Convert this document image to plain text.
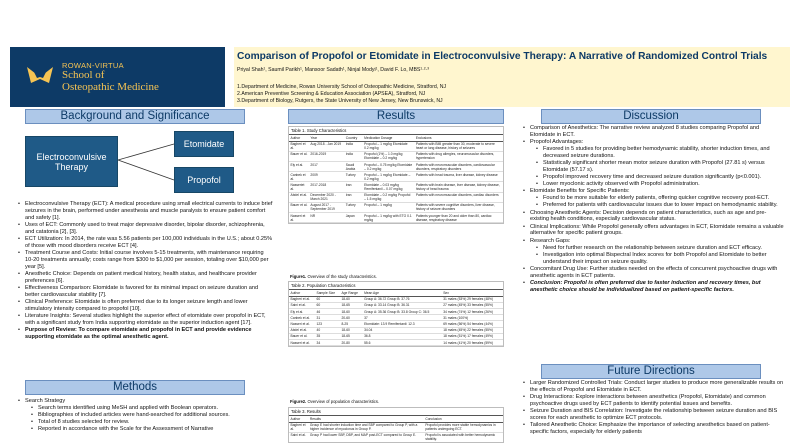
ROWAN-VIRTUA
School of
Osteopathic Medicine
Comparison of Propofol or Etomidate in Electroconvulsive Therapy: A Narrative of Randomized Control Trials
Priyal Shah¹, Saumil Parikh¹, Mansoor Sadath¹, Ninjal Modyi¹, David F. Lo, MBS¹·²·³
1.Department of Medicine, Rowan University School of Osteopathic Medicine, Stratford, NJ
2.American Preventive Screening & Education Association (APSEA), Stratford, NJ
3.Department of Biology, Rutgers, the State University of New Jersey, New Brunswick, NJ
Background and Significance
Electroconvulsive Therapy
Etomidate
Propofol
• Electroconvulsive Therapy (ECT): A medical procedure using small electrical currents to induce brief seizures in the brain, performed under anesthesia and muscle paralysis to ensure patient comfort and safety [1].
• Uses of ECT: Commonly used to treat major depressive disorder, bipolar disorder, schizophrenia, and catatonia [2], [3].
• ECT Utilization: In 2014, the rate was 5.56 patients per 100,000 individuals in the U.S.; about 0.25% of those with mood disorders receive ECT [4].
• Treatment Course and Costs: Initial course involves 5-15 treatments, with maintenance requiring 10-20 treatments annually; costs range from $300 to $1,000 per session, totaling over $10,000 per year [5].
• Anesthetic Choice: Depends on patient medical history, health status, and healthcare provider preferences [6].
• Effectiveness Comparison: Etomidate is favored for its minimal impact on seizure duration and better cardiovascular stability [7].
• Clinical Preference: Etomidate is often preferred due to its longer seizure length and lower stimulatory intensity compared to propofol [10].
• Literature Insights: Several studies highlight the superior effect of etomidate over propofol in ECT, with a significant study from India supporting etomidate as the superior induction agent [17].
• Purpose of Review: To compare etomidate and propofol in ECT and provide evidence supporting etomidate as the optimal anesthetic agent.
Methods
• Search Strategy
• Search terms identified using MeSH and applied with Boolean operators.
• Bibliographies of included articles were hand-searched for additional sources.
• Total of 8 studies selected for review.
• Reported in accordance with the Scale for the Assessment of Narrative
Results
Table 1. Study Characteristics
Author	Year	Country	Medication Dosage	Exclusions
Bagheri et al.	Aug 2018 - Jan 2019	India	Propofol – 1 mg/kg Etomidate 0.2 mg/kg	Patients with BMI greater than 30, moderate to severe heart or lung disease, history of seizures
Bauer et al.	2016-2019	India	Propofol (1%) – 1.0 mg/kg Etomidate – 0.2 mg/kg	Patients with drug allergies, neuromuscular disorders, hypertension
Ely et al.	2017	Saudi Arabia	Propofol – 0.75 mg/kg Etomidate – 0.2 mg/kg	Patients with neuromuscular disorders, cardiovascular disorders, respiratory disorders
Canbek et al.	2009	Turkey	Propofol – 1 mg/kg Etomidate – 0.2 mg/kg	Patients with head trauma, liver disease, kidney disease
Nasseriet al.	2017-2018	Iran	Etomidate – 0.03 mg/kg Remifentanil – 0.07 mg/kg	Patients with brain disease, liver disease, kidney disease, history of head trauma
Abdel et al.	December 2020 - March 2021	Iran	Etomidate – 0.2 mg/kg Propofol – 1.5 mg/kg	Patients with neuromuscular disorders, cardiac disorders
Bauer et al.	August 2017 - September 2019	Turkey	Propofol – 1 mg/kg	Patients with severe cognitive disorders, liver disease, history of seizure disorders
Nasseri et al.	NR	Japan	Propofol – 1 mg/kg with ETO 0.1 mg/kg	Patients younger than 20 and older than 80, cardiac disease, respiratory disease
Figure1. Overview of the study characteristics.
Table 2. Population Characteristics
Author	Sample Size	Age Range	Mean Age	Sex
Bagheri et al.	60	18-60	Group A: 36.72 Group B: 37.76	31 males (53%) 29 females (48%)
Saini et al.	60	18-65	Group A: 33.14 Group B: 36.31	27 males (45%) 33 females (55%)
Ely et al.	46	18-60	Group A: 35.36 Group B: 33.8 Group C: 36.5	34 males (74%) 12 females (26%)
Canbek et al.	31	20-60	37	31 males (100%)
Nasseri et al.	123	8-25	Etomidate: 13.9 Remifentanil: 12.3	69 males (56%) 54 females (44%)
Abdel et al.	40	18-60	34.04	18 males (45%) 22 females (55%)
Bauer et al.	35	18-65	36.8	18 males (51%) 17 females (49%)
Nasseri et al.	34	20-80	55.6	14 males (41%) 20 females (59%)
Figure2. Overview of population characteristics.
Table 3. Results
Author	Results	Conclusion
Bagheri et al.	Group E had shorter induction time and SBP compared to Group P, with a higher incidence of myoclonus in Group P.	Propofol provides more stable hemodynamics in patients undergoing ECT.
Saini et al.	Group P had lower SBP, DBP, and MAP post-ECT compared to Group E.	Propofol is associated with better hemodynamic stability.
Discussion
• Comparison of Anesthetics: The narrative review analyzed 8 studies comparing Propofol and Etomidate in ECT.
• Propofol Advantages:
• Favored in 5 studies for providing better hemodynamic stability, shorter induction times, and decreased seizure durations.
• Statistically significant shorter mean motor seizure duration with Propofol (27.81 s) versus Etomidate (57.17 s).
• Propofol improved recovery time and decreased seizure duration significantly (p<0.001).
• Lower myoclonic activity observed with Propofol administration.
• Etomidate Benefits for Specific Patients:
• Found to be more suitable for elderly patients, offering quicker cognitive recovery post-ECT.
• Preferred for patients with cardiovascular issues due to lower impact on hemodynamic stability.
• Choosing Anesthetic Agents: Decision depends on patient characteristics, such as age and pre-existing health conditions, especially cardiovascular status.
• Clinical Implications: While Propofol generally offers advantages in ECT, Etomidate remains a valuable alternative for specific patient groups.
• Research Gaps:
• Need for further research on the relationship between seizure duration and ECT efficacy.
• Investigation into optimal Bispectral Index scores for both Propofol and Etomidate to better understand their impact on seizure quality.
• Concomitant Drug Use: Further studies needed on the effects of concurrent psychoactive drugs with anesthetic agents in ECT patients.
• Conclusion: Propofol is often preferred due to faster induction and recovery times, but anesthetic choice should be individualized based on patient-specific factors.
Future Directions
• Larger Randomized Controlled Trials: Conduct larger studies to produce more generalizable results on the effects of Propofol and Etomidate in ECT.
• Drug Interactions: Explore interactions between anesthetics (Propofol, Etomidate) and common psychoactive drugs used by ECT patients to identify potential issues and benefits.
• Seizure Duration and BIS Correlation: Investigate the relationship between seizure duration and BIS scores for each anesthetic to optimize ECT protocols.
• Tailored Anesthetic Choice: Emphasize the importance of selecting anesthetics based on patient-specific factors, especially for elderly patients
